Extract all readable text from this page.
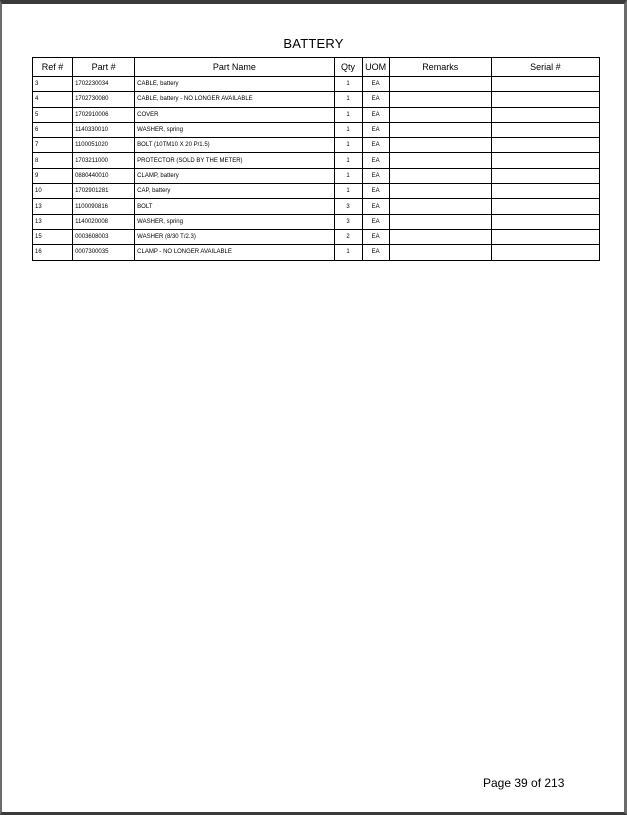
BATTERY
Ref #	Part #	Part Name	Qty	UOM	Remarks	Serial #
3	1702230034	CABLE, battery	1	EA		
4	1702730080	CABLE, battery - NO LONGER AVAILABLE	1	EA		
5	1702910006	COVER	1	EA		
6	1140330010	WASHER, spring	1	EA		
7	1100051020	BOLT (10TM10 X 20 P/1.5)	1	EA		
8	1703211000	PROTECTOR (SOLD BY THE METER)	1	EA		
9	0880440010	CLAMP, battery	1	EA		
10	1702901281	CAP, battery	1	EA		
13	1100090816	BOLT	3	EA		
13	1140020008	WASHER, spring	3	EA		
15	0003608003	WASHER (8/30 T/2.3)	2	EA		
16	0007300035	CLAMP - NO LONGER AVAILABLE	1	EA		
Page 39 of 213
